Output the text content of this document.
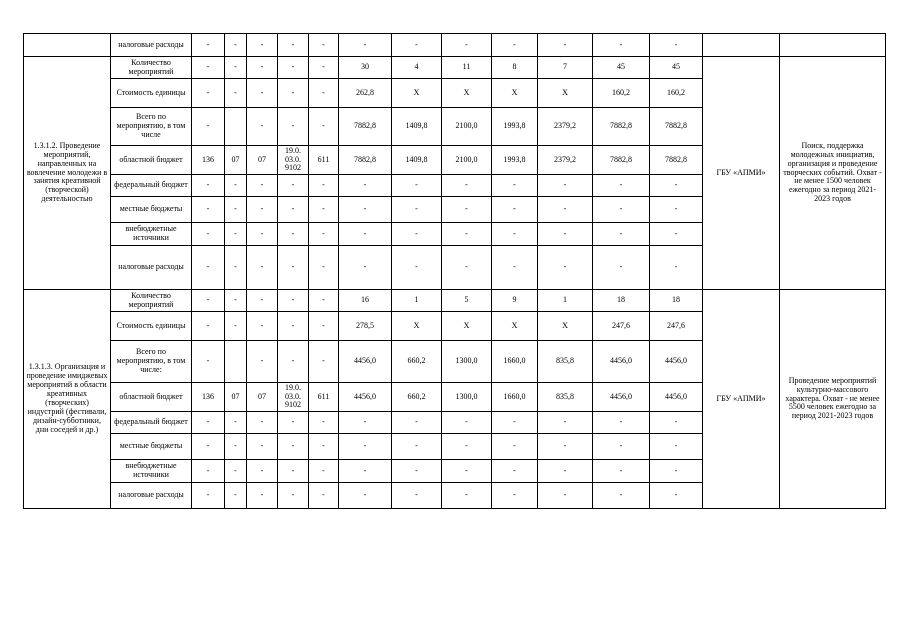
	налоговые расходы	-	-	-	-	-	-	-	-	-	-	-	-		
1.3.1.2. Проведение мероприятий, направленных на вовлечение молодежи в занятия креативной (творческой) деятельностью	Количество мероприятий	-	-	-	-	-	30	4	11	8	7	45	45	ГБУ «АПМИ»	Поиск, поддержка молодежных инициатив, организация и проведение творческих событий. Охват - не менее 1500 человек ежегодно за период 2021-2023 годов
	Стоимость единицы	-	-	-	-	-	262,8	Х	Х	Х	Х	160,2	160,2		
	Всего по мероприятию, в том числе	-		-	-	-	7882,8	1409,8	2100,0	1993,8	2379,2	7882,8	7882,8		
	областной бюджет	136	07	07	19.0. 03.0. 9102	611	7882,8	1409,8	2100,0	1993,8	2379,2	7882,8	7882,8		
	федеральный бюджет	-	-	-	-	-	-	-	-	-	-	-	-		
	местные бюджеты	-	-	-	-	-	-	-	-	-	-	-	-		
	внебюджетные источники	-	-	-	-	-	-	-	-	-	-	-	-		
	налоговые расходы	-	-	-	-	-	-	-	-	-	-	-	-		
1.3.1.3. Организация и проведение имиджевых мероприятий в области креативных (творческих) индустрий (фестивали, дизайн-субботники, дни соседей и др.)	Количество мероприятий	-	-	-	-	-	16	1	5	9	1	18	18	ГБУ «АПМИ»	Проведение мероприятий культурно-массового характера. Охват - не менее 5500 человек ежегодно за период 2021-2023 годов
	Стоимость единицы	-	-	-	-	-	278,5	Х	Х	Х	Х	247,6	247,6		
	Всего по мероприятию, в том числе:	-		-	-	-	4456,0	660,2	1300,0	1660,0	835,8	4456,0	4456,0		
	областной бюджет	136	07	07	19.0. 03.0. 9102	611	4456,0	660,2	1300,0	1660,0	835,8	4456,0	4456,0		
	федеральный бюджет	-	-	-	-	-	-	-	-	-	-	-	-		
	местные бюджеты	-	-	-	-	-	-	-	-	-	-	-	-		
	внебюджетные источники	-	-	-	-	-	-	-	-	-	-	-	-		
	налоговые расходы	-	-	-	-	-	-	-	-	-	-	-	-		
